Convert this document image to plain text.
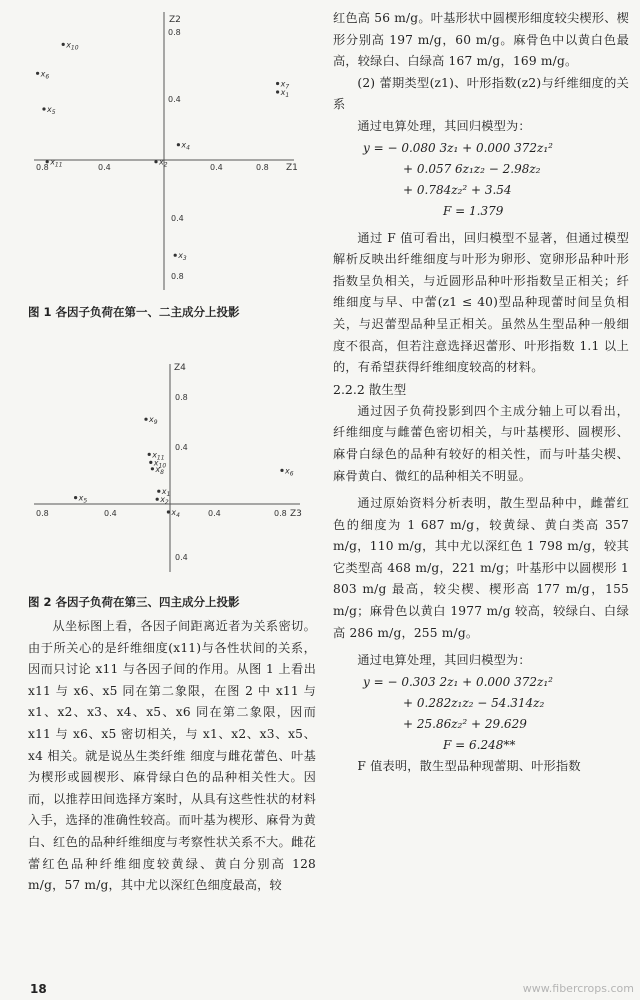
Z1
Z2
0.8	0.4	0.4	0.8
0.8
0.4
0.4
0.8
$x_{10}$
$x_6$
$x_5$
$x_7$
$x_1$
$x_4$
$x_{11}$	$x_2$
$x_3$

图 1 各因子负荷在第一、二主成分上投影

Z3
Z4
0.8	0.4	0.4	0.8
0.8
0.4
0.4
$x_9$
$x_{11}$
$x_{10}$
$x_8$	$x_6$
$x_1$
$x_2$
$x_5$
$x_4$

图 2 各因子负荷在第三、四主成分上投影

从坐标图上看，各因子间距离近者为关系密切。由于所关心的是纤维细度(x11)与各性状间的关系，因而只讨论 x11 与各因子间的作用。从图 1 上看出 x11 与 x6、x5 同在第二象限，在图 2 中 x11 与 x1、x2、x3、x4、x5、x6 同在第二象限，因而 x11 与 x6、x5 密切相关，与 x1、x2、x3、x5、x4 相关。就是说丛生类纤维 细度与雌花蕾色、叶基为楔形或圆楔形、麻骨绿白色的品种相关性大。因而，以推荐田间选择方案时，从具有这些性状的材料入手，选择的准确性较高。而叶基为楔形、麻骨为黄白、红色的品种纤维细度与考察性状关系不大。雌花蕾红色品种纤维细度较黄绿、黄白分别高 128 m/g，57 m/g，其中尤以深红色细度最高，较

红色高 56 m/g。叶基形状中圆楔形细度较尖楔形、楔形分别高 197 m/g，60 m/g。麻骨色中以黄白色最高，较绿白、白绿高 167 m/g，169 m/g。

(2) 蕾期类型(z1)、叶形指数(z2)与纤维细度的关系

通过电算处理，其回归模型为：

y = − 0.080 3z₁ + 0.000 372z₁²

+ 0.057 6z₁z₂ − 2.98z₂

+ 0.784z₂² + 3.54

F = 1.379

通过 F 值可看出，回归模型不显著，但通过模型解析反映出纤维细度与叶形为卵形、宽卵形品种叶形指数呈负相关，与近圆形品种叶形指数呈正相关；纤维细度与早、中蕾(z1 ≤ 40)型品种现蕾时间呈负相关，与迟蕾型品种呈正相关。虽然丛生型品种一般细度不很高，但若注意选择迟蕾形、叶形指数 1.1 以上的，有希望获得纤维细度较高的材料。

2.2.2 散生型

通过因子负荷投影到四个主成分轴上可以看出，纤维细度与雌蕾色密切相关，与叶基楔形、圆楔形、麻骨白绿色的品种有较好的相关性，而与叶基尖楔、麻骨黄白、微红的品种相关不明显。

通过原始资料分析表明，散生型品种中，雌蕾红色的细度为 1 687 m/g，较黄绿、黄白类高 357 m/g，110 m/g，其中尤以深红色 1 798 m/g，较其它类型高 468 m/g，221 m/g；叶基形中以圆楔形 1 803 m/g 最高，较尖楔、楔形高 177 m/g，155 m/g；麻骨色以黄白 1977 m/g 较高，较绿白、白绿高 286 m/g，255 m/g。

通过电算处理，其回归模型为：

y = − 0.303 2z₁ + 0.000 372z₁²

+ 0.282z₁z₂ − 54.314z₂

+ 25.86z₂² + 29.629

F = 6.248**

F 值表明，散生型品种现蕾期、叶形指数

18	www.fibercrops.com
